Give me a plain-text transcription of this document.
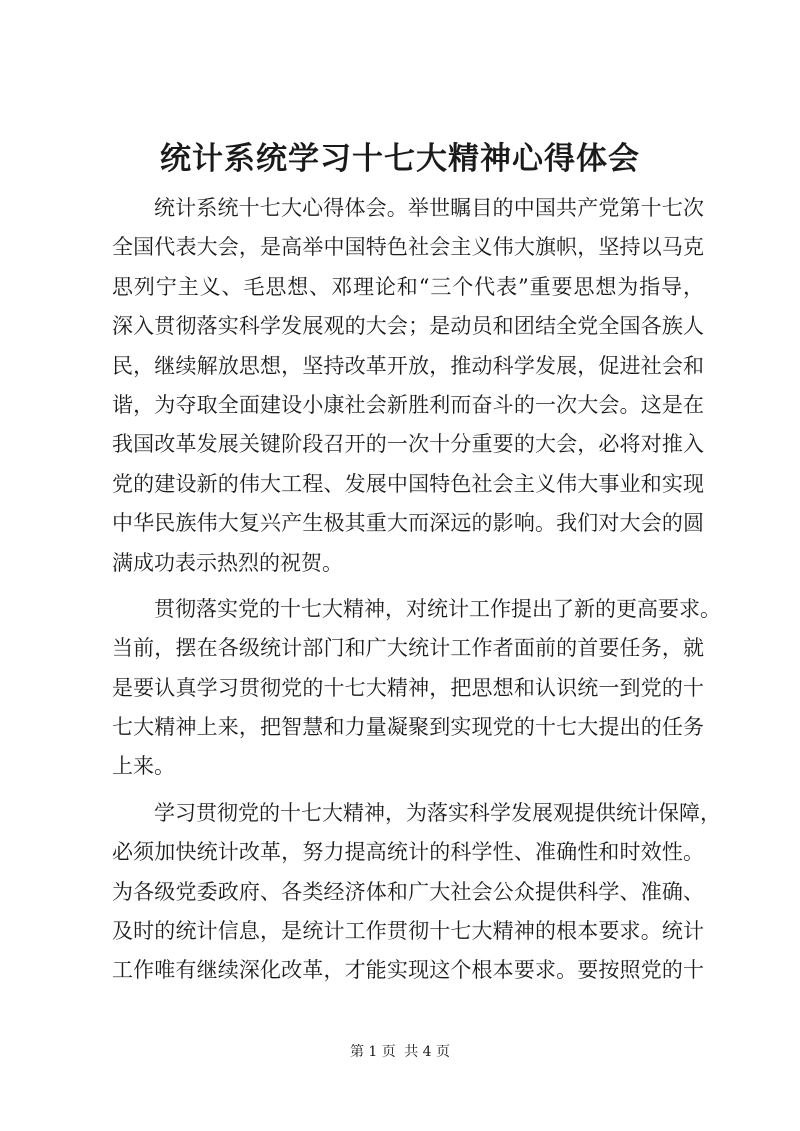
统计系统学习十七大精神心得体会

统计系统十七大心得体会。举世瞩目的中国共产党第十七次
全国代表大会，是高举中国特色社会主义伟大旗帜，坚持以马克
思列宁主义、毛思想、邓理论和“三个代表”重要思想为指导，
深入贯彻落实科学发展观的大会；是动员和团结全党全国各族人
民，继续解放思想，坚持改革开放，推动科学发展，促进社会和
谐，为夺取全面建设小康社会新胜利而奋斗的一次大会。这是在
我国改革发展关键阶段召开的一次十分重要的大会，必将对推入
党的建设新的伟大工程、发展中国特色社会主义伟大事业和实现
中华民族伟大复兴产生极其重大而深远的影响。我们对大会的圆
满成功表示热烈的祝贺。

贯彻落实党的十七大精神，对统计工作提出了新的更高要求。
当前，摆在各级统计部门和广大统计工作者面前的首要任务，就
是要认真学习贯彻党的十七大精神，把思想和认识统一到党的十
七大精神上来，把智慧和力量凝聚到实现党的十七大提出的任务
上来。

学习贯彻党的十七大精神，为落实科学发展观提供统计保障，
必须加快统计改革，努力提高统计的科学性、准确性和时效性。
为各级党委政府、各类经济体和广大社会公众提供科学、准确、
及时的统计信息，是统计工作贯彻十七大精神的根本要求。统计
工作唯有继续深化改革，才能实现这个根本要求。要按照党的十

第 1 页 共 4 页
